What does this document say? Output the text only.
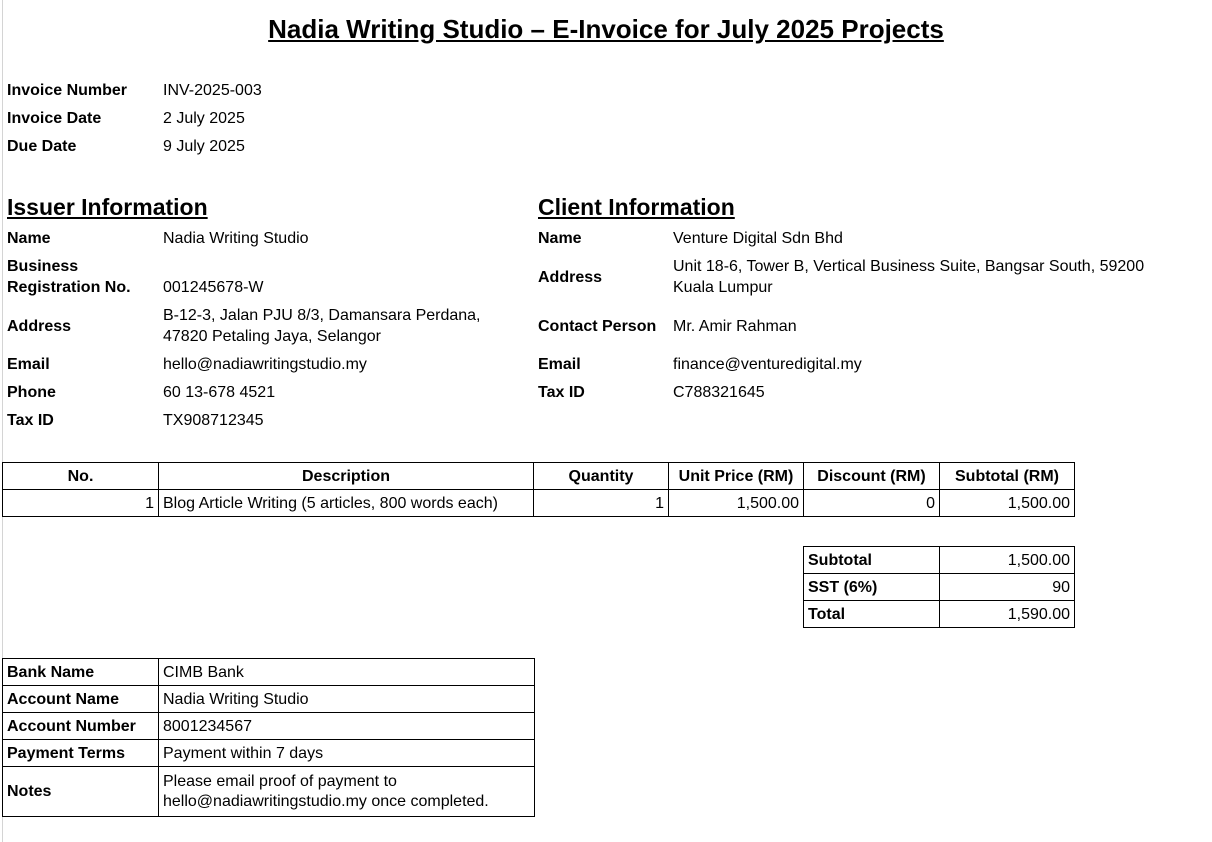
Nadia Writing Studio – E-Invoice for July 2025 Projects
Invoice Number INV-2025-003
Invoice Date	2 July 2025
Due Date	9 July 2025
Issuer Information
Name	Nadia Writing Studio
Business
Registration No. 001245678-W
Address
B-12-3, Jalan PJU 8/3, Damansara Perdana,
47820 Petaling Jaya, Selangor
Email	hello@nadiawritingstudio.my
Phone	60 13-678 4521
Tax ID	TX908712345
Client Information
Name	Venture Digital Sdn Bhd
Address
Unit 18-6, Tower B, Vertical Business Suite, Bangsar South, 59200
Kuala Lumpur
Contact Person Mr. Amir Rahman
Email	finance@venturedigital.my
Tax ID	C788321645
No.	Description	Quantity	Unit Price (RM)	Discount (RM)	Subtotal (RM)
1	Blog Article Writing (5 articles, 800 words each)	1	1,500.00	0	1,500.00
Subtotal	1,500.00
SST (6%)	90
Total	1,590.00
Bank Name	CIMB Bank
Account Name	Nadia Writing Studio
Account Number	8001234567
Payment Terms	Payment within 7 days
Notes	Please email proof of payment to
hello@nadiawritingstudio.my once completed.
